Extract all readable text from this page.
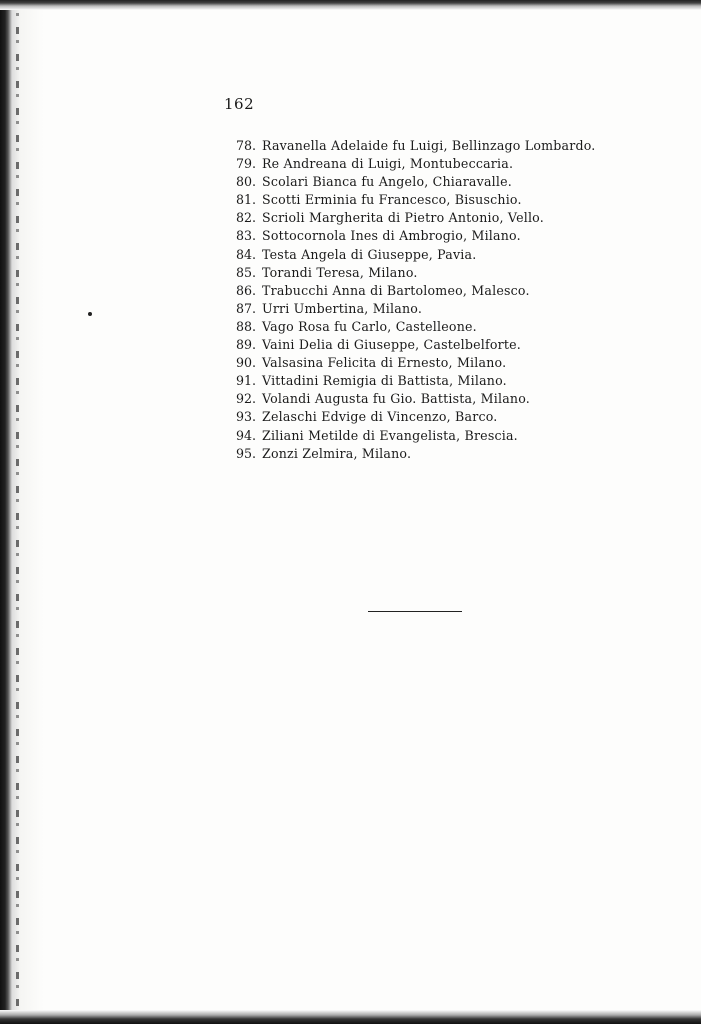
162
78. Ravanella Adelaide fu Luigi, Bellinzago Lombardo.
79. Re Andreana di Luigi, Montubeccaria.
80. Scolari Bianca fu Angelo, Chiaravalle.
81. Scotti Erminia fu Francesco, Bisuschio.
82. Scrioli Margherita di Pietro Antonio, Vello.
83. Sottocornola Ines di Ambrogio, Milano.
84. Testa Angela di Giuseppe, Pavia.
85. Torandi Teresa, Milano.
86. Trabucchi Anna di Bartolomeo, Malesco.
87. Urri Umbertina, Milano.
88. Vago Rosa fu Carlo, Castelleone.
89. Vaini Delia di Giuseppe, Castelbelforte.
90. Valsasina Felicita di Ernesto, Milano.
91. Vittadini Remigia di Battista, Milano.
92. Volandi Augusta fu Gio. Battista, Milano.
93. Zelaschi Edvige di Vincenzo, Barco.
94. Ziliani Metilde di Evangelista, Brescia.
95. Zonzi Zelmira, Milano.
